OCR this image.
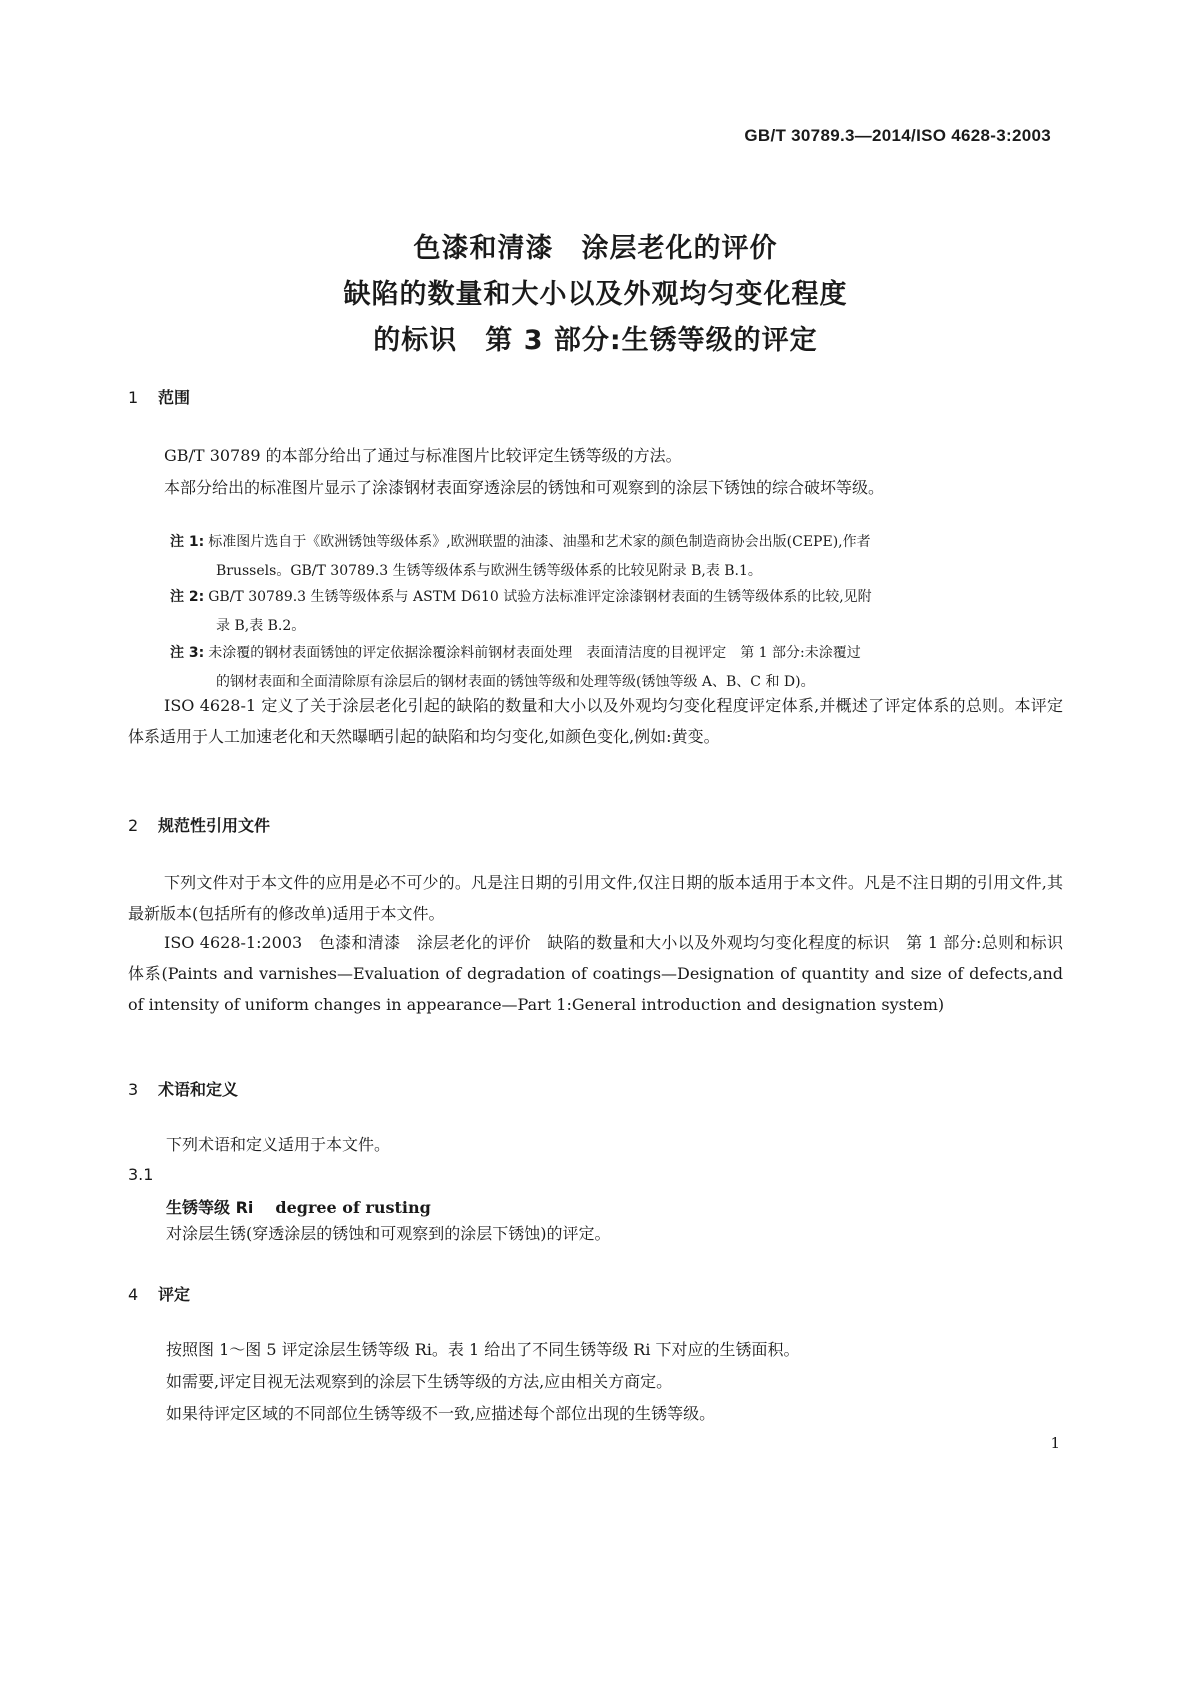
GB/T 30789.3—2014/ISO 4628-3:2003
色漆和清漆　涂层老化的评价
缺陷的数量和大小以及外观均匀变化程度
的标识　第 3 部分:生锈等级的评定
1 范围
GB/T 30789 的本部分给出了通过与标准图片比较评定生锈等级的方法。
本部分给出的标准图片显示了涂漆钢材表面穿透涂层的锈蚀和可观察到的涂层下锈蚀的综合破坏等级。
注 1: 标准图片选自于《欧洲锈蚀等级体系》,欧洲联盟的油漆、油墨和艺术家的颜色制造商协会出版(CEPE),作者
Brussels。GB/T 30789.3 生锈等级体系与欧洲生锈等级体系的比较见附录 B,表 B.1。
注 2: GB/T 30789.3 生锈等级体系与 ASTM D610 试验方法标准评定涂漆钢材表面的生锈等级体系的比较,见附
录 B,表 B.2。
注 3: 未涂覆的钢材表面锈蚀的评定依据涂覆涂料前钢材表面处理　表面清洁度的目视评定　第 1 部分:未涂覆过
的钢材表面和全面清除原有涂层后的钢材表面的锈蚀等级和处理等级(锈蚀等级 A、B、C 和 D)。
ISO 4628-1 定义了关于涂层老化引起的缺陷的数量和大小以及外观均匀变化程度评定体系,并概述了评定体系的总则。本评定体系适用于人工加速老化和天然曝晒引起的缺陷和均匀变化,如颜色变化,例如:黄变。
2 规范性引用文件
下列文件对于本文件的应用是必不可少的。凡是注日期的引用文件,仅注日期的版本适用于本文件。凡是不注日期的引用文件,其最新版本(包括所有的修改单)适用于本文件。
ISO 4628-1:2003　色漆和清漆　涂层老化的评价　缺陷的数量和大小以及外观均匀变化程度的标识　第 1 部分:总则和标识体系(Paints and varnishes—Evaluation of degradation of coatings—Designation of quantity and size of defects,and of intensity of uniform changes in appearance—Part 1:General introduction and designation system)
3 术语和定义
下列术语和定义适用于本文件。
3.1
生锈等级 Ri degree of rusting
对涂层生锈(穿透涂层的锈蚀和可观察到的涂层下锈蚀)的评定。
4 评定
按照图 1～图 5 评定涂层生锈等级 Ri。表 1 给出了不同生锈等级 Ri 下对应的生锈面积。
如需要,评定目视无法观察到的涂层下生锈等级的方法,应由相关方商定。
如果待评定区域的不同部位生锈等级不一致,应描述每个部位出现的生锈等级。
1
